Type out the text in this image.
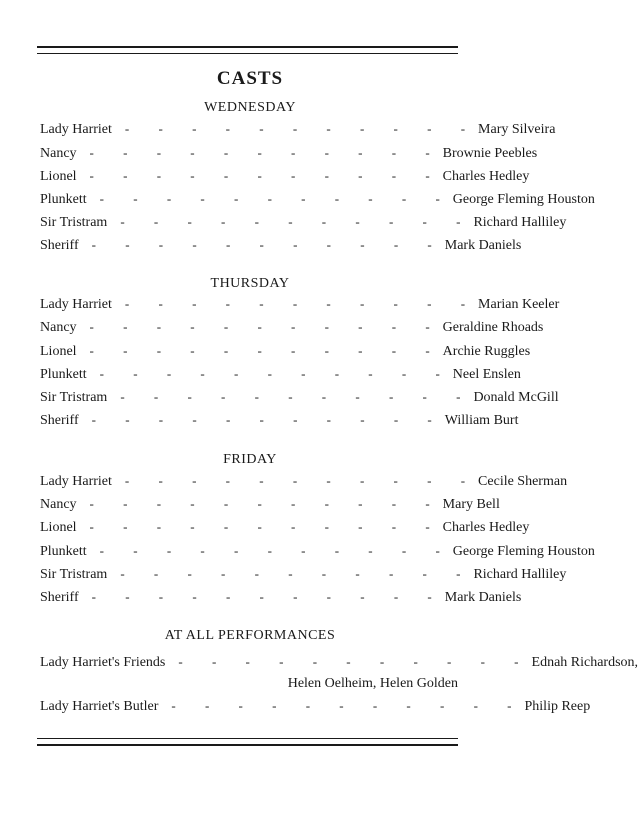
CASTS
WEDNESDAY
Lady Harriet	- - - - - - - - - - - Mary Silveira
Nancy	- - - - - - - - - - - Brownie Peebles
Lionel	- - - - - - - - - - - Charles Hedley
Plunkett	- - - - - - - - - - - George Fleming Houston
Sir Tristram	- - - - - - - - - - - Richard Halliley
Sheriff	- - - - - - - - - - - Mark Daniels
THURSDAY
Lady Harriet	- - - - - - - - - - - Marian Keeler
Nancy	- - - - - - - - - - - Geraldine Rhoads
Lionel	- - - - - - - - - - - Archie Ruggles
Plunkett	- - - - - - - - - - - Neel Enslen
Sir Tristram	- - - - - - - - - - - Donald McGill
Sheriff	- - - - - - - - - - - William Burt
FRIDAY
Lady Harriet	- - - - - - - - - - - Cecile Sherman
Nancy	- - - - - - - - - - - Mary Bell
Lionel	- - - - - - - - - - - Charles Hedley
Plunkett	- - - - - - - - - - - George Fleming Houston
Sir Tristram	- - - - - - - - - - - Richard Halliley
Sheriff	- - - - - - - - - - - Mark Daniels
AT ALL PERFORMANCES
Lady Harriet's Friends	- - - - - - - - - - - Ednah Richardson,
Helen Oelheim, Helen Golden
Lady Harriet's Butler	- - - - - - - - - - - Philip Reep
